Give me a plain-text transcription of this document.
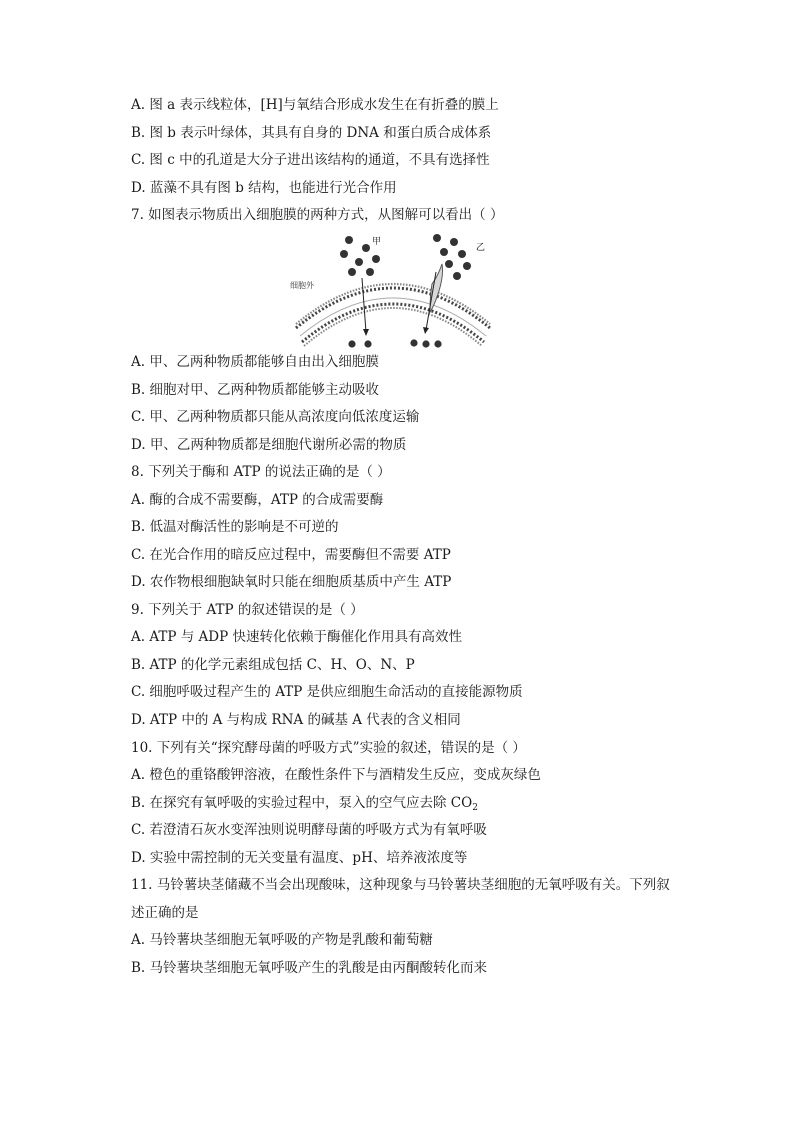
A. 图 a 表示线粒体，[H]与氧结合形成水发生在有折叠的膜上
B. 图 b 表示叶绿体，其具有自身的 DNA 和蛋白质合成体系
C. 图 c 中的孔道是大分子进出该结构的通道，不具有选择性
D. 蓝藻不具有图 b 结构，也能进行光合作用
7. 如图表示物质出入细胞膜的两种方式，从图解可以看出（ ）
细胞外
甲
乙
A. 甲、乙两种物质都能够自由出入细胞膜
B. 细胞对甲、乙两种物质都能够主动吸收
C. 甲、乙两种物质都只能从高浓度向低浓度运输
D. 甲、乙两种物质都是细胞代谢所必需的物质
8. 下列关于酶和 ATP 的说法正确的是（ ）
A. 酶的合成不需要酶，ATP 的合成需要酶
B. 低温对酶活性的影响是不可逆的
C. 在光合作用的暗反应过程中，需要酶但不需要 ATP
D. 农作物根细胞缺氧时只能在细胞质基质中产生 ATP
9. 下列关于 ATP 的叙述错误的是（ ）
A. ATP 与 ADP 快速转化依赖于酶催化作用具有高效性
B. ATP 的化学元素组成包括 C、H、O、N、P
C. 细胞呼吸过程产生的 ATP 是供应细胞生命活动的直接能源物质
D. ATP 中的 A 与构成 RNA 的碱基 A 代表的含义相同
10. 下列有关“探究酵母菌的呼吸方式”实验的叙述，错误的是（ ）
A. 橙色的重铬酸钾溶液，在酸性条件下与酒精发生反应，变成灰绿色
B. 在探究有氧呼吸的实验过程中，泵入的空气应去除 $CO_2$
C. 若澄清石灰水变浑浊则说明酵母菌的呼吸方式为有氧呼吸
D. 实验中需控制的无关变量有温度、pH、培养液浓度等
11. 马铃薯块茎储藏不当会出现酸味，这种现象与马铃薯块茎细胞的无氧呼吸有关。下列叙
述正确的是
A. 马铃薯块茎细胞无氧呼吸的产物是乳酸和葡萄糖
B. 马铃薯块茎细胞无氧呼吸产生的乳酸是由丙酮酸转化而来
